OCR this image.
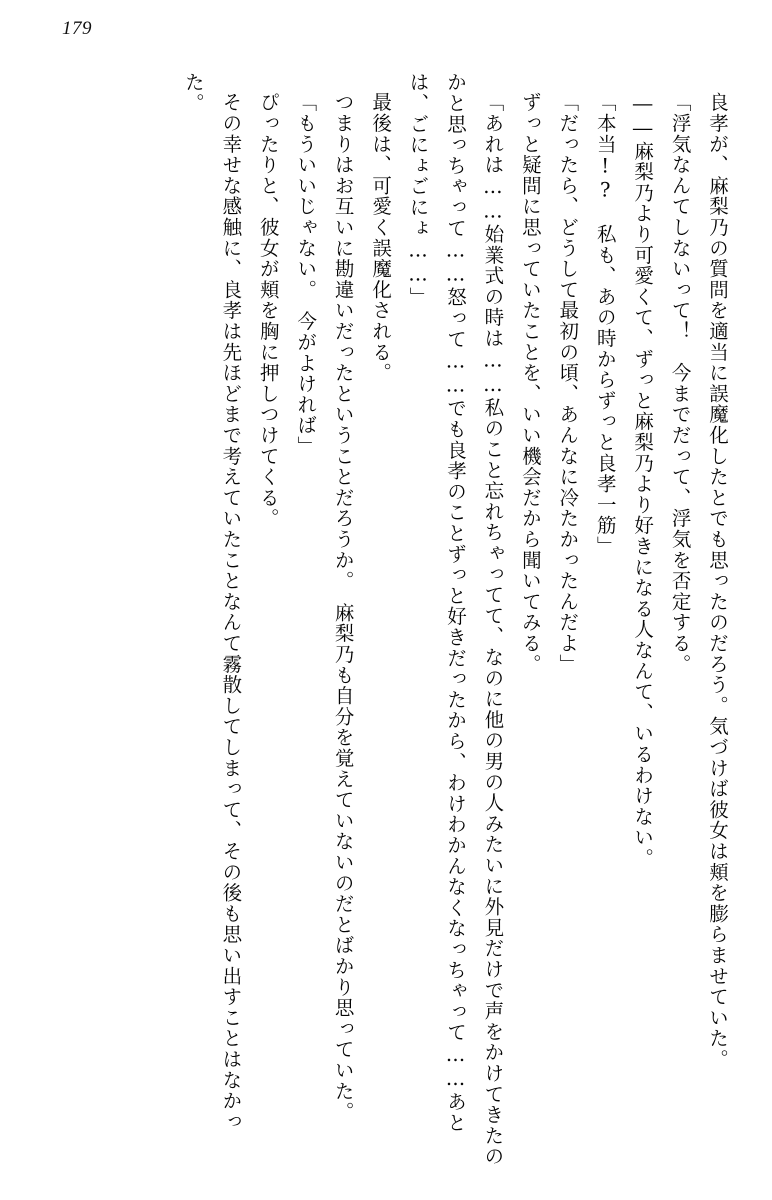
179

良孝が、麻梨乃の質問を適当に誤魔化したとでも思ったのだろう。気づけば彼女は頬を膨らませていた。

「浮気なんてしないって！　今までだって、浮気を否定する。

――麻梨乃より可愛くて、ずっと麻梨乃より好きになる人なんて、いるわけない。

「本当!?　私も、あの時からずっと良孝一筋」

「だったら、どうして最初の頃、あんなに冷たかったんだよ」

ずっと疑問に思っていたことを、いい機会だから聞いてみる。

「あれは……始業式の時は……私のこと忘れちゃってて、なのに他の男の人みたいに外見だけで声をかけてきたのかと思っちゃって……怒って……でも良孝のことずっと好きだったから、わけわかんなくなっちゃって……あとは、ごにょごにょ……」

最後は、可愛く誤魔化される。

つまりはお互いに勘違いだったということだろうか。　麻梨乃も自分を覚えていないのだとばかり思っていた。

「もういいじゃない。　今がよければ」

ぴったりと、彼女が頬を胸に押しつけてくる。

その幸せな感触に、良孝は先ほどまで考えていたことなんて霧散してしまって、その後も思い出すことはなかった。
